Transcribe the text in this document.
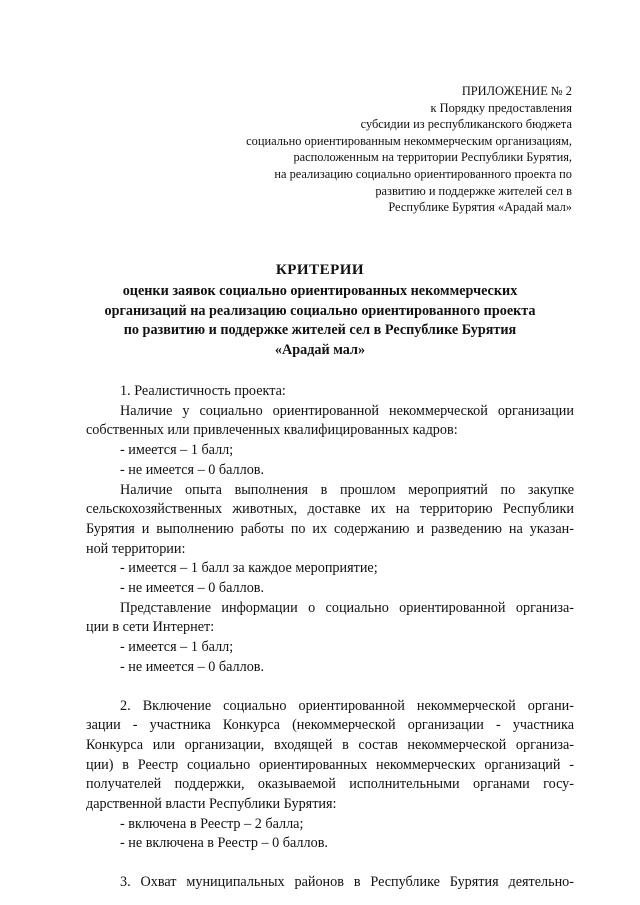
ПРИЛОЖЕНИЕ № 2
к Порядку предоставления
субсидии из республиканского бюджета
социально ориентированным некоммерческим организациям,
расположенным на территории Республики Бурятия,
на реализацию социально ориентированного проекта по
развитию и поддержке жителей сел в
Республике Бурятия «Арадай мал»
КРИТЕРИИ
оценки заявок социально ориентированных некоммерческих
организаций на реализацию социально ориентированного проекта
по развитию и поддержке жителей сел в Республике Бурятия
«Арадай мал»
1. Реалистичность проекта:
Наличие у социально ориентированной некоммерческой организации
собственных или привлеченных квалифицированных кадров:
- имеется – 1 балл;
- не имеется – 0 баллов.
Наличие опыта выполнения в прошлом мероприятий по закупке
сельскохозяйственных животных, доставке их на территорию Республики
Бурятия и выполнению работы по их содержанию и разведению на указан-
ной территории:
- имеется – 1 балл за каждое мероприятие;
- не имеется – 0 баллов.
Представление информации о социально ориентированной организа-
ции в сети Интернет:
- имеется – 1 балл;
- не имеется – 0 баллов.
2. Включение социально ориентированной некоммерческой органи-
зации - участника Конкурса (некоммерческой организации - участника
Конкурса или организации, входящей в состав некоммерческой организа-
ции) в Реестр социально ориентированных некоммерческих организаций -
получателей поддержки, оказываемой исполнительными органами госу-
дарственной власти Республики Бурятия:
- включена в Реестр – 2 балла;
- не включена в Реестр – 0 баллов.
3. Охват муниципальных районов в Республике Бурятия деятельно-
